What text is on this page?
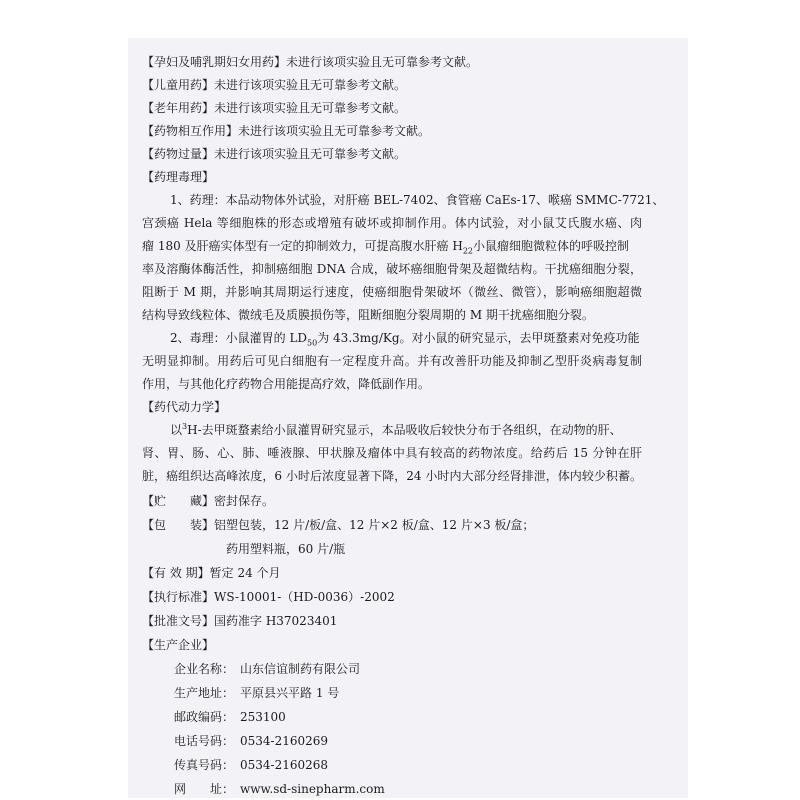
【孕妇及哺乳期妇女用药】未进行该项实验且无可靠参考文献。
【儿童用药】未进行该项实验且无可靠参考文献。
【老年用药】未进行该项实验且无可靠参考文献。
【药物相互作用】未进行该项实验且无可靠参考文献。
【药物过量】未进行该项实验且无可靠参考文献。
【药理毒理】
1、药理：本品动物体外试验，对肝癌 BEL-7402、食管癌 CaEs-17、喉癌 SMMC-7721、
宫颈癌 Hela 等细胞株的形态或增殖有破坏或抑制作用。体内试验，对小鼠艾氏腹水癌、肉
瘤 180 及肝癌实体型有一定的抑制效力，可提高腹水肝癌 $H_{22}$小鼠瘤细胞微粒体的呼吸控制
率及溶酶体酶活性，抑制癌细胞 DNA 合成，破坏癌细胞骨架及超微结构。干扰癌细胞分裂，
阻断于 M 期，并影响其周期运行速度，使癌细胞骨架破坏（微丝、微管），影响癌细胞超微
结构导致线粒体、微绒毛及质膜损伤等，阻断细胞分裂周期的 M 期干扰癌细胞分裂。
2、毒理：小鼠灌胃的 $LD_{50}$为 43.3mg/Kg。对小鼠的研究显示，去甲斑蝥素对免疫功能
无明显抑制。用药后可见白细胞有一定程度升高。并有改善肝功能及抑制乙型肝炎病毒复制
作用，与其他化疗药物合用能提高疗效，降低副作用。
【药代动力学】
以$^3$H-去甲斑蝥素给小鼠灌胃研究显示，本品吸收后较快分布于各组织，在动物的肝、
肾、胃、肠、心、肺、唾液腺、甲状腺及瘤体中具有较高的药物浓度。给药后 15 分钟在肝
脏，癌组织达高峰浓度，6 小时后浓度显著下降，24 小时内大部分经肾排泄，体内较少积蓄。
【贮　　藏】密封保存。
【包　　装】铝塑包装，12 片/板/盒、12 片×2 板/盒、12 片×3 板/盒；
药用塑料瓶，60 片/瓶
【有 效 期】暂定 24 个月
【执行标准】WS-10001-（HD-0036）-2002
【批准文号】国药准字 H37023401
【生产企业】
企业名称：　山东信谊制药有限公司
生产地址：　平原县兴平路 1 号
邮政编码：　253100
电话号码：　0534-2160269
传真号码：　0534-2160268
网　　址：　www.sd-sinepharm.com
